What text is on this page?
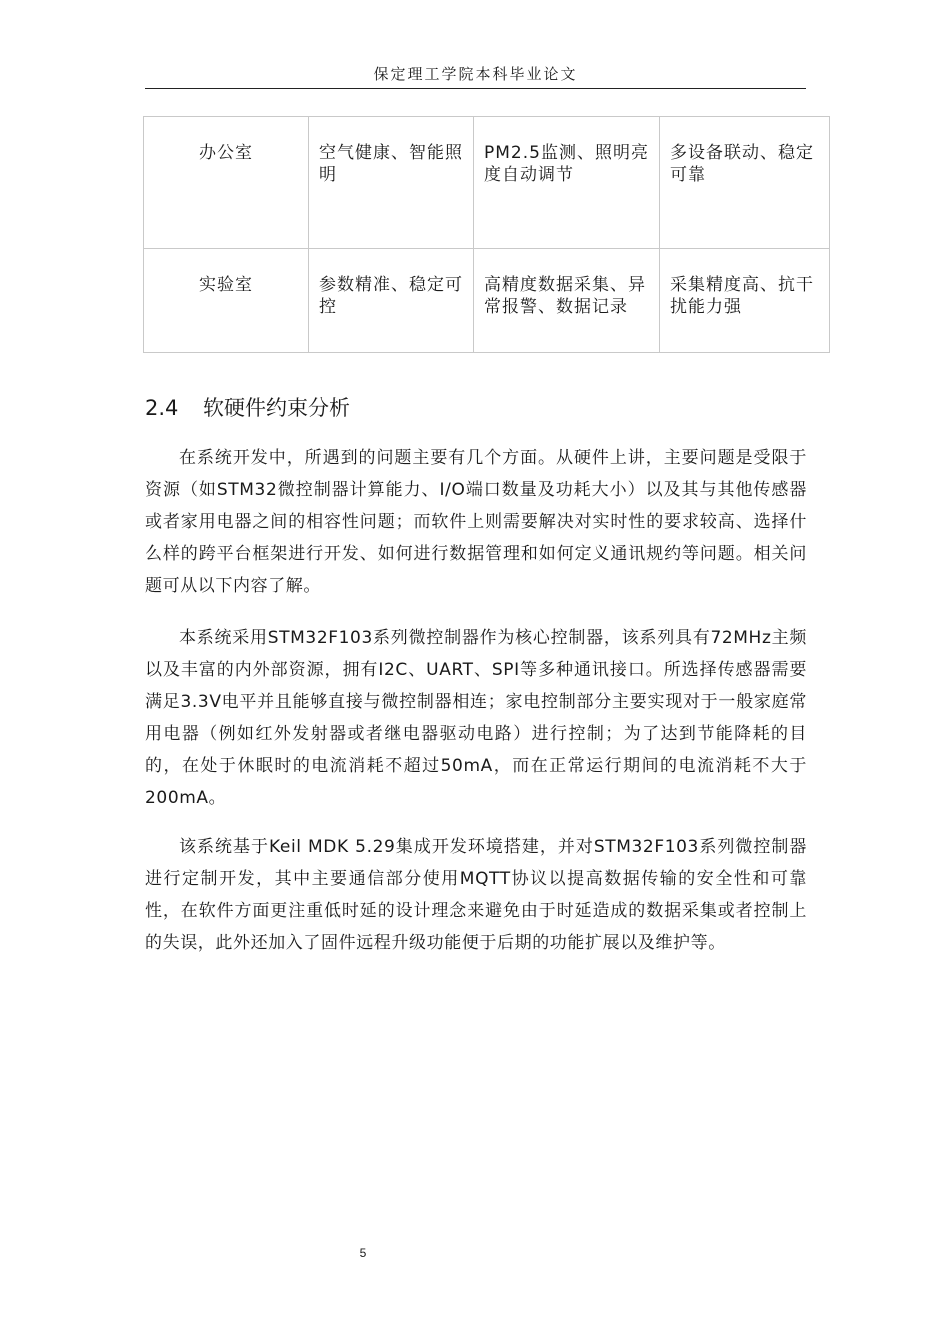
保定理工学院本科毕业论文
办公室	空气健康、智能照明	PM2.5监测、照明亮度自动调节	多设备联动、稳定可靠
实验室	参数精准、稳定可控	高精度数据采集、异常报警、数据记录	采集精度高、抗干扰能力强
2.4 软硬件约束分析

在系统开发中，所遇到的问题主要有几个方面。从硬件上讲，主要问题是受限于资源（如STM32微控制器计算能力、I/O端口数量及功耗大小）以及其与其他传感器或者家用电器之间的相容性问题；而软件上则需要解决对实时性的要求较高、选择什么样的跨平台框架进行开发、如何进行数据管理和如何定义通讯规约等问题。相关问题可从以下内容了解。

本系统采用STM32F103系列微控制器作为核心控制器，该系列具有72MHz主频以及丰富的内外部资源，拥有I2C、UART、SPI等多种通讯接口。所选择传感器需要满足3.3V电平并且能够直接与微控制器相连；家电控制部分主要实现对于一般家庭常用电器（例如红外发射器或者继电器驱动电路）进行控制；为了达到节能降耗的目的，在处于休眠时的电流消耗不超过50mA，而在正常运行期间的电流消耗不大于200mA。

该系统基于Keil MDK 5.29集成开发环境搭建，并对STM32F103系列微控制器进行定制开发，其中主要通信部分使用MQTT协议以提高数据传输的安全性和可靠性，在软件方面更注重低时延的设计理念来避免由于时延造成的数据采集或者控制上的失误，此外还加入了固件远程升级功能便于后期的功能扩展以及维护等。

5
